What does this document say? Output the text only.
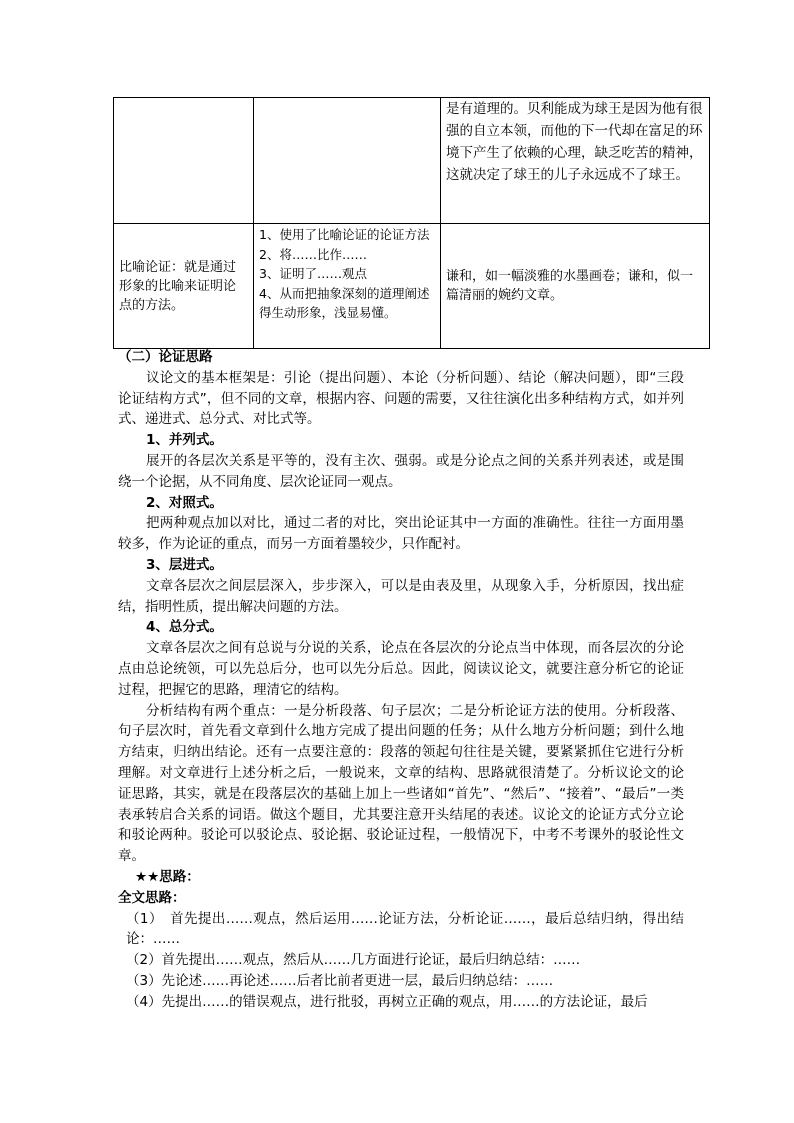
		是有道理的。贝利能成为球王是因为他有很强的自立本领，而他的下一代却在富足的环境下产生了依赖的心理，缺乏吃苦的精神，这就决定了球王的儿子永远成不了球王。
比喻论证：就是通过形象的比喻来证明论点的方法。	1、使用了比喻论证的论证方法
2、将……比作……
3、证明了……观点
4、从而把抽象深刻的道理阐述得生动形象，浅显易懂。	谦和，如一幅淡雅的水墨画卷；谦和，似一篇清丽的婉约文章。

（二）论证思路

议论文的基本框架是：引论（提出问题）、本论（分析问题）、结论（解决问题），即“三段论证结构方式”，但不同的文章，根据内容、问题的需要，又往往演化出多种结构方式，如并列式、递进式、总分式、对比式等。

1、并列式。

展开的各层次关系是平等的，没有主次、强弱。或是分论点之间的关系并列表述，或是围绕一个论据，从不同角度、层次论证同一观点。

2、对照式。

把两种观点加以对比，通过二者的对比，突出论证其中一方面的准确性。往往一方面用墨较多，作为论证的重点，而另一方面着墨较少，只作配衬。

3、层进式。

文章各层次之间层层深入，步步深入，可以是由表及里，从现象入手，分析原因，找出症结，指明性质，提出解决问题的方法。

4、总分式。

文章各层次之间有总说与分说的关系，论点在各层次的分论点当中体现，而各层次的分论点由总论统领，可以先总后分，也可以先分后总。因此，阅读议论文，就要注意分析它的论证过程，把握它的思路，理清它的结构。

分析结构有两个重点：一是分析段落、句子层次；二是分析论证方法的使用。分析段落、句子层次时，首先看文章到什么地方完成了提出问题的任务；从什么地方分析问题；到什么地方结束，归纳出结论。还有一点要注意的：段落的领起句往往是关键，要紧紧抓住它进行分析理解。对文章进行上述分析之后，一般说来，文章的结构、思路就很清楚了。分析议论文的论证思路，其实，就是在段落层次的基础上加上一些诸如“首先”、“然后”、“接着”、“最后”一类表承转启合关系的词语。做这个题目，尤其要注意开头结尾的表述。议论文的论证方式分立论和驳论两种。驳论可以驳论点、驳论据、驳论证过程，一般情况下，中考不考课外的驳论性文章。

★★思路：

全文思路：

（1）　首先提出……观点，然后运用……论证方法，分析论证……，最后总结归纳，得出结论：……

（2）首先提出……观点，然后从……几方面进行论证，最后归纳总结：……

（3）先论述……再论述……后者比前者更进一层，最后归纳总结：……

（4）先提出……的错误观点，进行批驳，再树立正确的观点，用……的方法论证，最后
